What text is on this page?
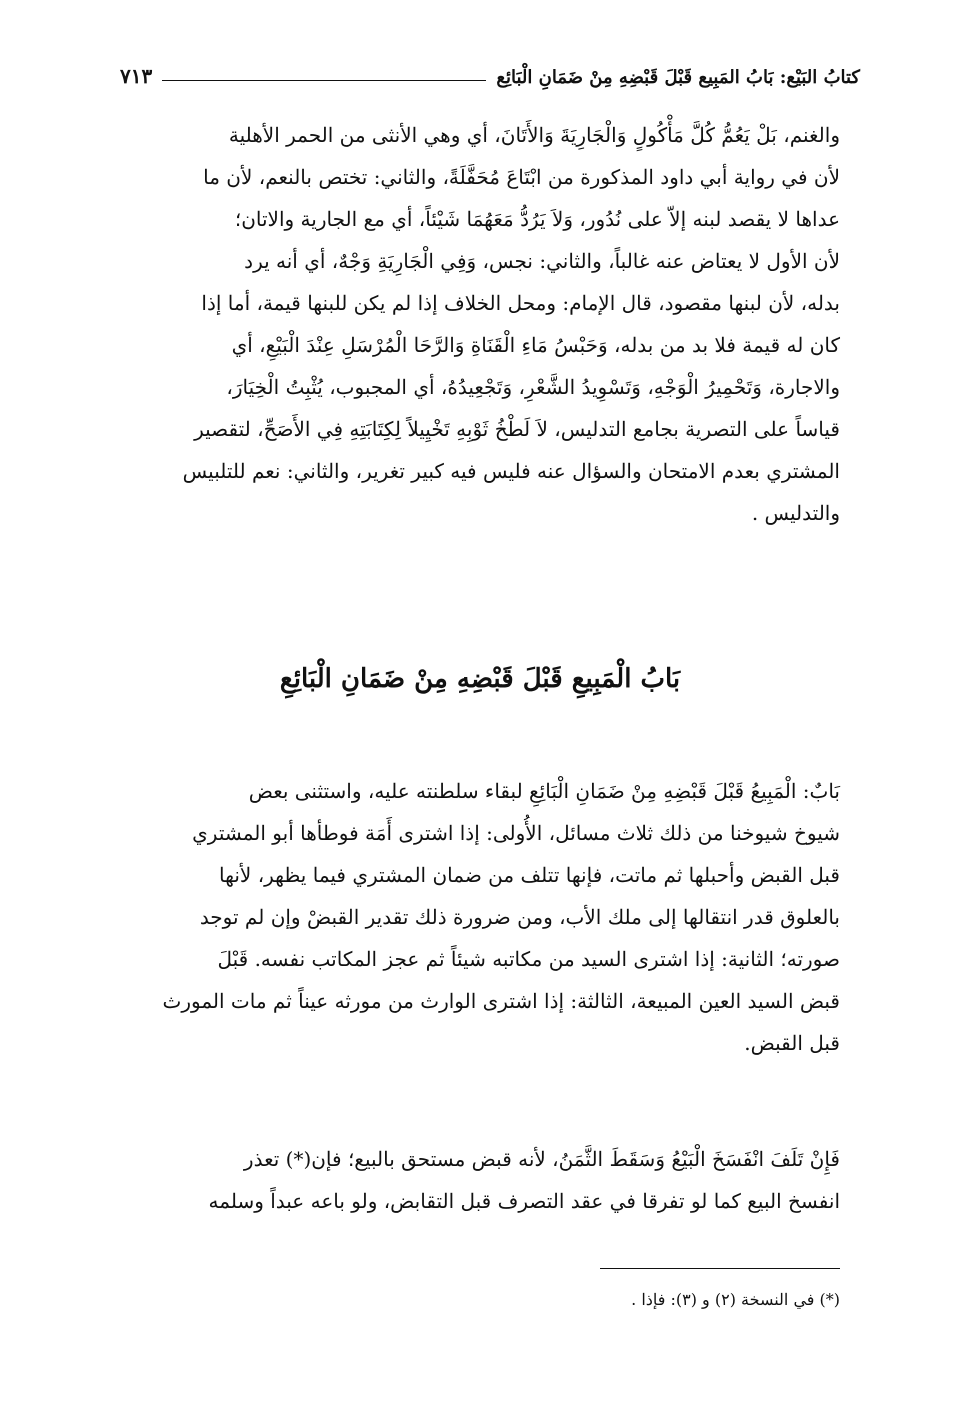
كتابُ البَيْع: بَابُ المَبِيع قَبْلَ قَبْضِهِ مِنْ ضَمَانِ الْبَائِع
٧١٣
والغنم، بَلْ يَعُمُّ كُلَّ مَأْكُولٍ وَالْجَارِيَةَ وَالأَتَانَ، أي وهي الأنثى من الحمر الأهلية
لأن في رواية أبي داود المذكورة من ابْتَاعَ مُحَفَّلَةً، والثاني: تختص بالنعم، لأن ما
عداها لا يقصد لبنه إلاّ على نُدُور، وَلاَ يَرُدُّ مَعَهُمَا شَيْئاً، أي مع الجارية والاتان؛
لأن الأول لا يعتاض عنه غالباً، والثاني: نجس، وَفِي الْجَارِيَةِ وَجْهٌ، أي أنه يرد
بدله، لأن لبنها مقصود، قال الإمام: ومحل الخلاف إذا لم يكن للبنها قيمة، أما إذا
كان له قيمة فلا بد من بدله، وَحَبْسُ مَاءِ الْقَنَاةِ وَالرَّحَا الْمُرْسَلِ عِنْدَ الْبَيْعِ، أي
والاجارة، وَتَحْمِيرُ الْوَجْهِ، وَتَسْوِيدُ الشَّعْرِ، وَتَجْعِيدُهُ، أي المجبوب، يُثْبِتُ الْخِيَارَ،
قياساً على التصرية بجامع التدليس، لاَ لَطْخُ ثَوْبِهِ تَخْيِيلاً لِكِتَابَتِهِ فِي الأَصَحِّ، لتقصير
المشتري بعدم الامتحان والسؤال عنه فليس فيه كبير تغرير، والثاني: نعم للتلبيس
والتدليس .
بَابُ الْمَبِيعِ قَبْلَ قَبْضِهِ مِنْ ضَمَانِ الْبَائِعِ
بَابٌ: الْمَبِيعُ قَبْلَ قَبْضِهِ مِنْ ضَمَانِ الْبَائِعِ لبقاء سلطنته عليه، واستثنى بعض
شيوخ شيوخنا من ذلك ثلاث مسائل، الأُولى: إذا اشترى أَمَة فوطأها أبو المشتري
قبل القبض وأحبلها ثم ماتت، فإنها تتلف من ضمان المشتري فيما يظهر، لأنها
بالعلوق قدر انتقالها إلى ملك الأب، ومن ضرورة ذلك تقدير القبضْ وإن لم توجد
صورته؛ الثانية: إذا اشترى السيد من مكاتبه شيئاً ثم عجز المكاتب نفسه. قَبْلَ
قبض السيد العين المبيعة، الثالثة: إذا اشترى الوارث من مورثه عيناً ثم مات المورث
قبل القبض.
فَإِنْ تَلَفَ انْفَسَخَ الْبَيْعُ وَسَقَطَ الثَّمَنُ، لأنه قبض مستحق بالبيع؛ فإن(*) تعذر
انفسخ البيع كما لو تفرقا في عقد التصرف قبل التقابض، ولو باعه عبداً وسلمه
(*) في النسخة (٢) و (٣): فإذا .
